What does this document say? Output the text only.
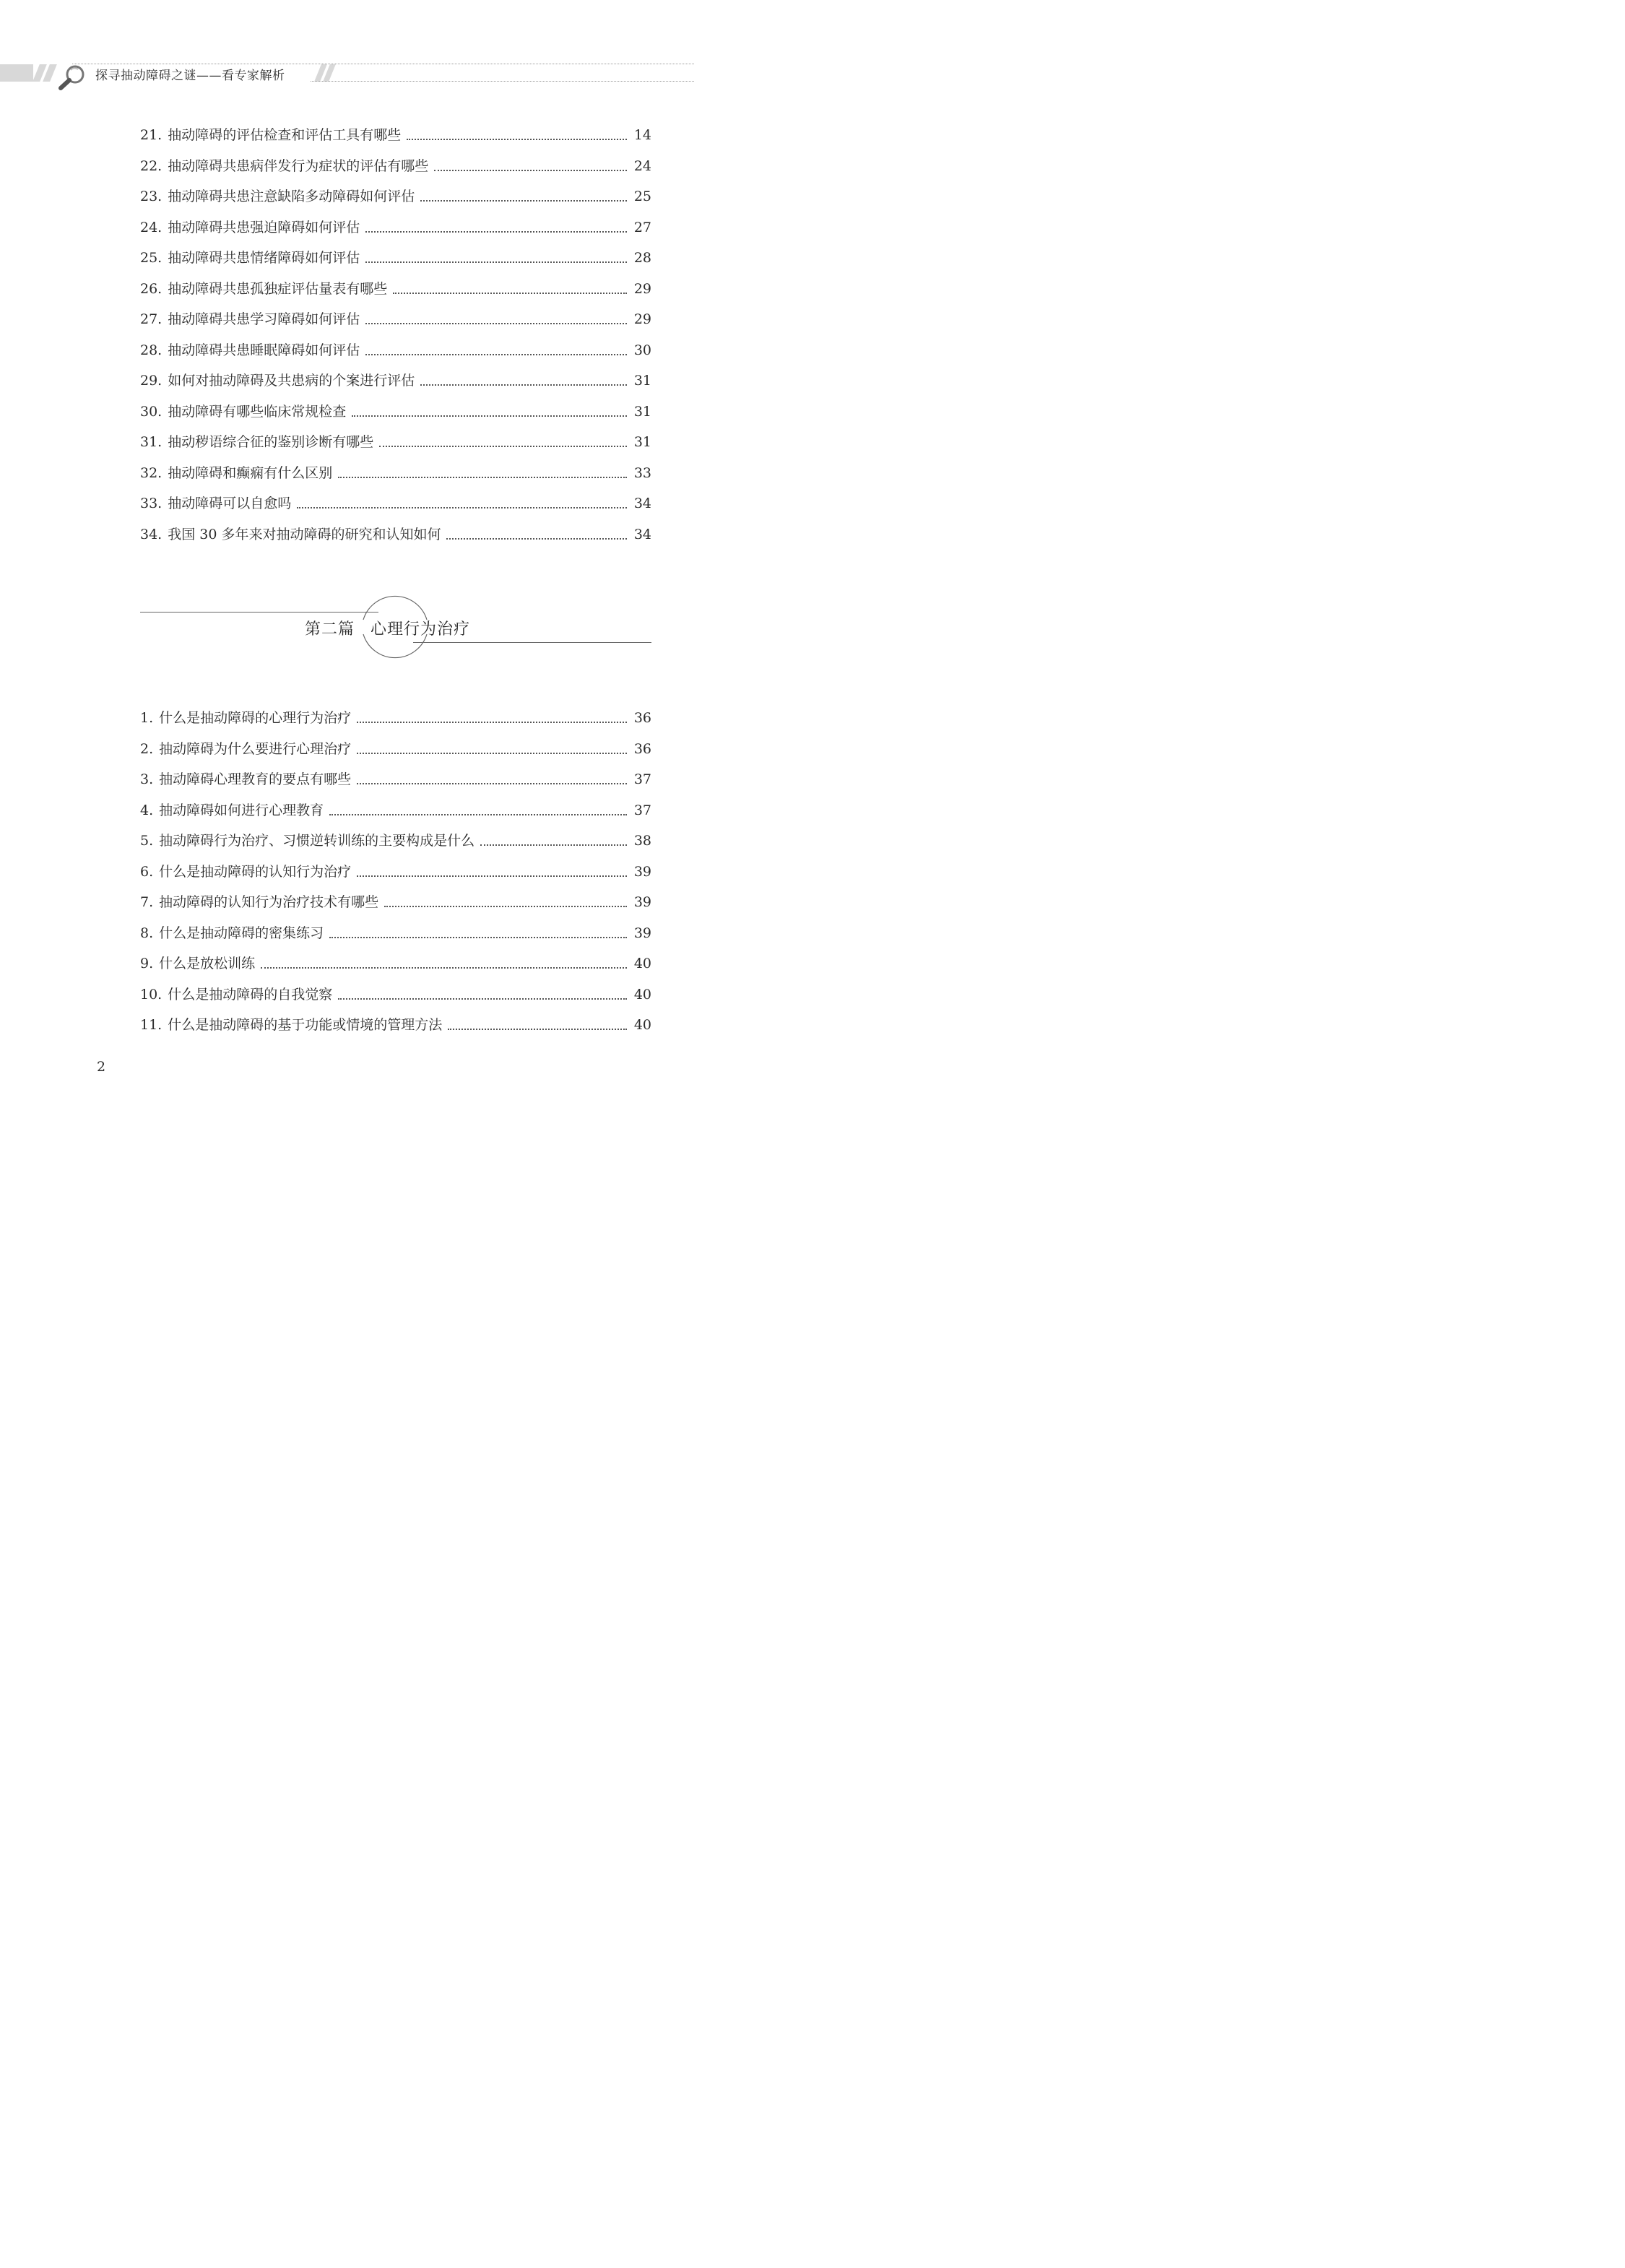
探寻抽动障碍之谜——看专家解析
21. 抽动障碍的评估检查和评估工具有哪些	14
22. 抽动障碍共患病伴发行为症状的评估有哪些	24
23. 抽动障碍共患注意缺陷多动障碍如何评估	25
24. 抽动障碍共患强迫障碍如何评估	27
25. 抽动障碍共患情绪障碍如何评估	28
26. 抽动障碍共患孤独症评估量表有哪些	29
27. 抽动障碍共患学习障碍如何评估	29
28. 抽动障碍共患睡眠障碍如何评估	30
29. 如何对抽动障碍及共患病的个案进行评估	31
30. 抽动障碍有哪些临床常规检查	31
31. 抽动秽语综合征的鉴别诊断有哪些	31
32. 抽动障碍和癫痫有什么区别	33
33. 抽动障碍可以自愈吗	34
34. 我国 30 多年来对抽动障碍的研究和认知如何	34
第二篇 心理行为治疗
1. 什么是抽动障碍的心理行为治疗	36
2. 抽动障碍为什么要进行心理治疗	36
3. 抽动障碍心理教育的要点有哪些	37
4. 抽动障碍如何进行心理教育	37
5. 抽动障碍行为治疗、习惯逆转训练的主要构成是什么	38
6. 什么是抽动障碍的认知行为治疗	39
7. 抽动障碍的认知行为治疗技术有哪些	39
8. 什么是抽动障碍的密集练习	39
9. 什么是放松训练	40
10. 什么是抽动障碍的自我觉察	40
11. 什么是抽动障碍的基于功能或情境的管理方法	40
2
